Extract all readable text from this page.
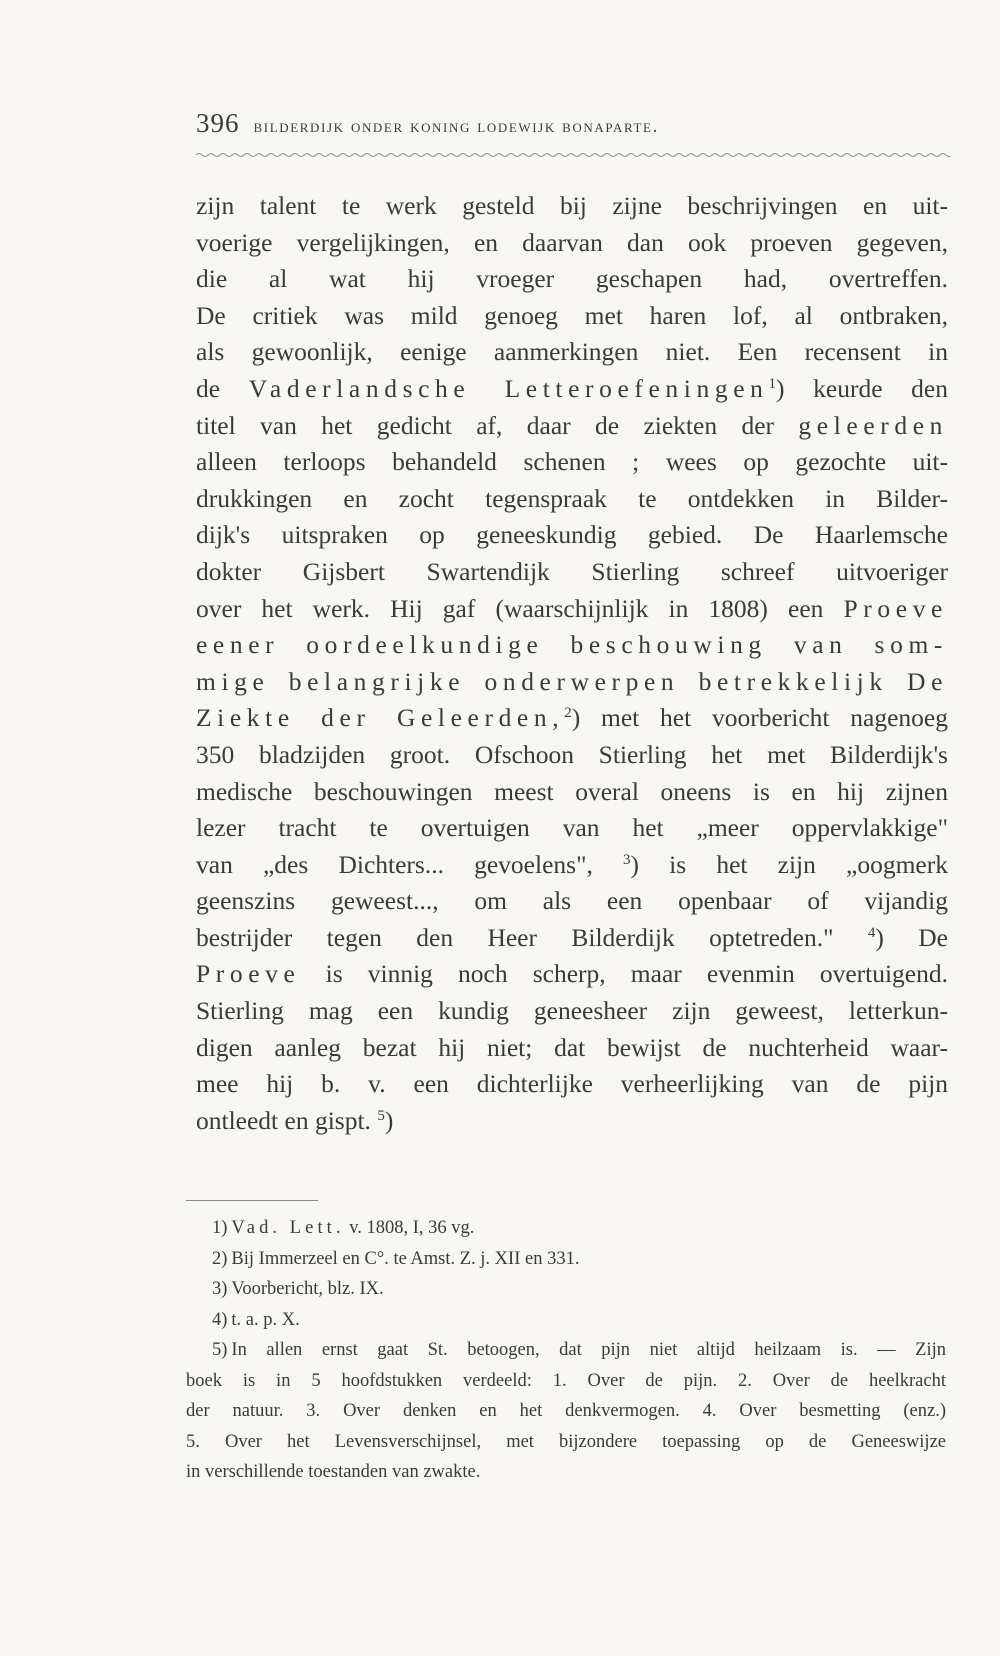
396 bilderdijk onder koning lodewijk bonaparte.
zijn talent te werk gesteld bij zijne beschrijvingen en uit-
voerige vergelijkingen, en daarvan dan ook proeven gegeven,
die al wat hij vroeger geschapen had, overtreffen.
De critiek was mild genoeg met haren lof, al ontbraken,
als gewoonlijk, eenige aanmerkingen niet. Een recensent in
de Vaderlandsche Letteroefeningen$^1$) keurde den
titel van het gedicht af, daar de ziekten der geleerden
alleen terloops behandeld schenen ; wees op gezochte uit-
drukkingen en zocht tegenspraak te ontdekken in Bilder-
dijk's uitspraken op geneeskundig gebied. De Haarlemsche
dokter Gijsbert Swartendijk Stierling schreef uitvoeriger
over het werk. Hij gaf (waarschijnlijk in 1808) een Proeve
eener oordeelkundige beschouwing van som-
mige belangrijke onderwerpen betrekkelijk De
Ziekte der Geleerden,$^2$) met het voorbericht nagenoeg
350 bladzijden groot. Ofschoon Stierling het met Bilderdijk's
medische beschouwingen meest overal oneens is en hij zijnen
lezer tracht te overtuigen van het „meer oppervlakkige"
van „des Dichters... gevoelens", $^3$) is het zijn „oogmerk
geenszins geweest..., om als een openbaar of vijandig
bestrijder tegen den Heer Bilderdijk optetreden." $^4$) De
Proeve is vinnig noch scherp, maar evenmin overtuigend.
Stierling mag een kundig geneesheer zijn geweest, letterkun-
digen aanleg bezat hij niet; dat bewijst de nuchterheid waar-
mee hij b. v. een dichterlijke verheerlijking van de pijn
ontleedt en gispt. $^5$)
1) Vad. Lett. v. 1808, I, 36 vg.
2) Bij Immerzeel en C°. te Amst. Z. j. XII en 331.
3) Voorbericht, blz. IX.
4) t. a. p. X.
5) In allen ernst gaat St. betoogen, dat pijn niet altijd heilzaam is. — Zijn
boek is in 5 hoofdstukken verdeeld: 1. Over de pijn. 2. Over de heelkracht
der natuur. 3. Over denken en het denkvermogen. 4. Over besmetting (enz.)
5. Over het Levensverschijnsel, met bijzondere toepassing op de Geneeswijze
in verschillende toestanden van zwakte.
